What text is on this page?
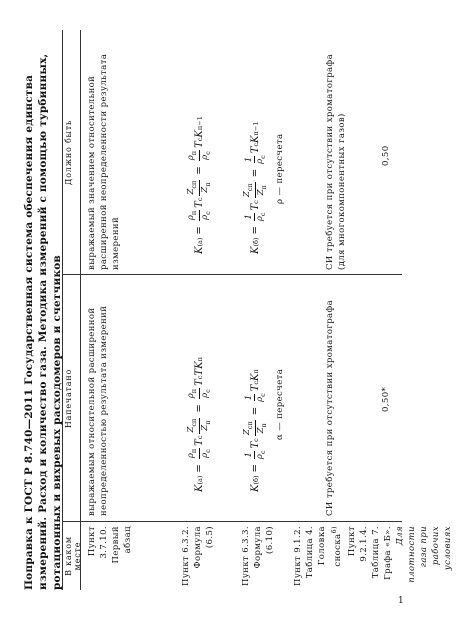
Поправка к ГОСТ Р 8.740—2011 Государственная система обеспечения единства измерений. Расход и количество газа. Методика измерений с помощью турбинных, ротационных и вихревых расходомеров и счетчиков В каком месте
Напечатано
Должно быть
Пункт 3.7.10. Первый абзац
выражаемым относительной расширенной неопределенностью результата измерений
выражаемый значением относительной расширенной неопределенности результата измерений
Пункт 6.3.2. Формула (6.5)
K
(а)
=
$\rho_п$
$\rho_с$
T
с
$Z_{сп}$
$Z_п$
=
$\rho_п$
$\rho_с$
T
с
T
K
п
K
(а)
=
$\rho_п$
$\rho_с$
T
с
$Z_{сп}$
$Z_п$
=
$\rho_п$
$\rho_с$
T
с
K
п
−1
Пункт 6.3.3. Формула (6.10)
K
(б)
=
1 $\rho_с$
T
с
$Z_{сп}$
$Z_п$
=
1 $\rho_с$
T
с
K
п α — пересчета
K
(б)
=
1 $\rho_с$
T
с
$Z_{сп}$
$Z_п$
=
1 $\rho_с$
T
с
K
п
−1
ρ — пересчета
Пункт 9.1.2. Таблица 4. Головка сноска$^{6)}$
СИ требуется при отсутствии хроматографа
СИ требуется при отсутствии хроматографа (для многокомпонентных газов)
Пункт 9.2.1.4. Таблица 7. Графа «Б». Для плотности газа при рабочих условиях
0,50*
0,50
1
